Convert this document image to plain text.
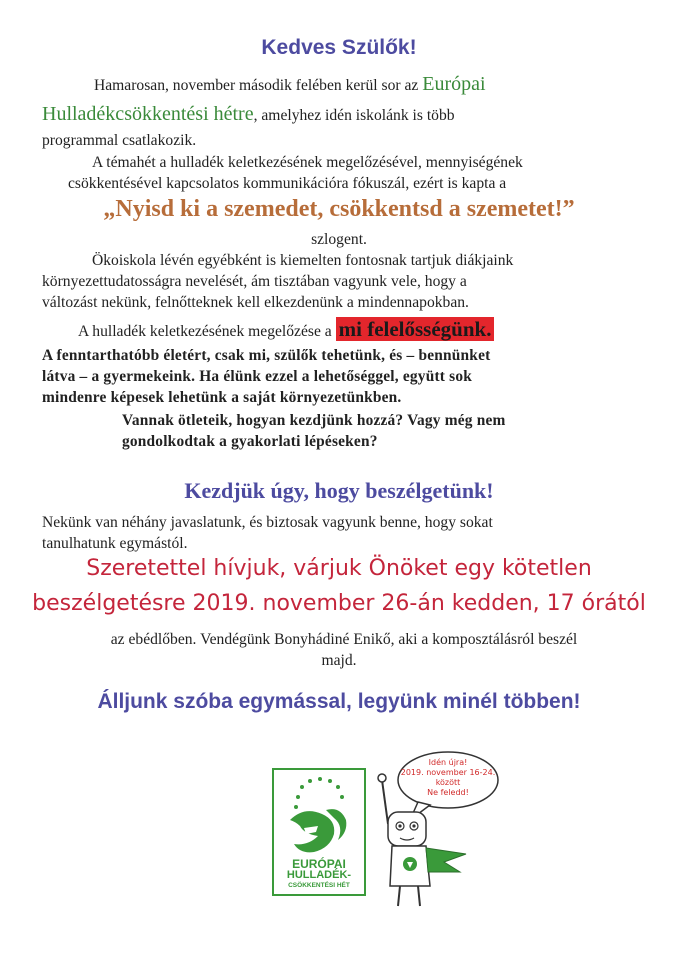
Kedves Szülők!
Hamarosan, november második felében kerül sor az Európai
Hulladékcsökkentési hétre, amelyhez idén iskolánk is több
programmal csatlakozik.
A témahét a hulladék keletkezésének megelőzésével, mennyiségének
csökkentésével kapcsolatos kommunikációra fókuszál, ezért is kapta a
„Nyisd ki a szemedet, csökkentsd a szemetet!”
szlogent.
Ökoiskola lévén egyébként is kiemelten fontosnak tartjuk diákjaink
környezettudatosságra nevelését, ám tisztában vagyunk vele, hogy a
változást nekünk, felnőtteknek kell elkezdenünk a mindennapokban.
A hulladék keletkezésének megelőzése a mi felelősségünk.
A fenntarthatóbb életért, csak mi, szülők tehetünk, és – bennünket
látva – a gyermekeink. Ha élünk ezzel a lehetőséggel, együtt sok
mindenre képesek lehetünk a saját környezetünkben.
Vannak ötleteik, hogyan kezdjünk hozzá? Vagy még nem
gondolkodtak a gyakorlati lépéseken?
Kezdjük úgy, hogy beszélgetünk!
Nekünk van néhány javaslatunk, és biztosak vagyunk benne, hogy sokat
tanulhatunk egymástól.
Szeretettel hívjuk, várjuk Önöket egy kötetlen
beszélgetésre 2019. november 26-án kedden, 17 órától
az ebédlőben. Vendégünk Bonyhádiné Enikő, aki a komposztálásról beszél
majd.
Álljunk szóba egymással, legyünk minél többen!
EURÓPAI
HULLADÉK-
CSÖKKENTÉSI HÉT
Idén újra!
2019. november 16-24.
között
Ne feledd!
